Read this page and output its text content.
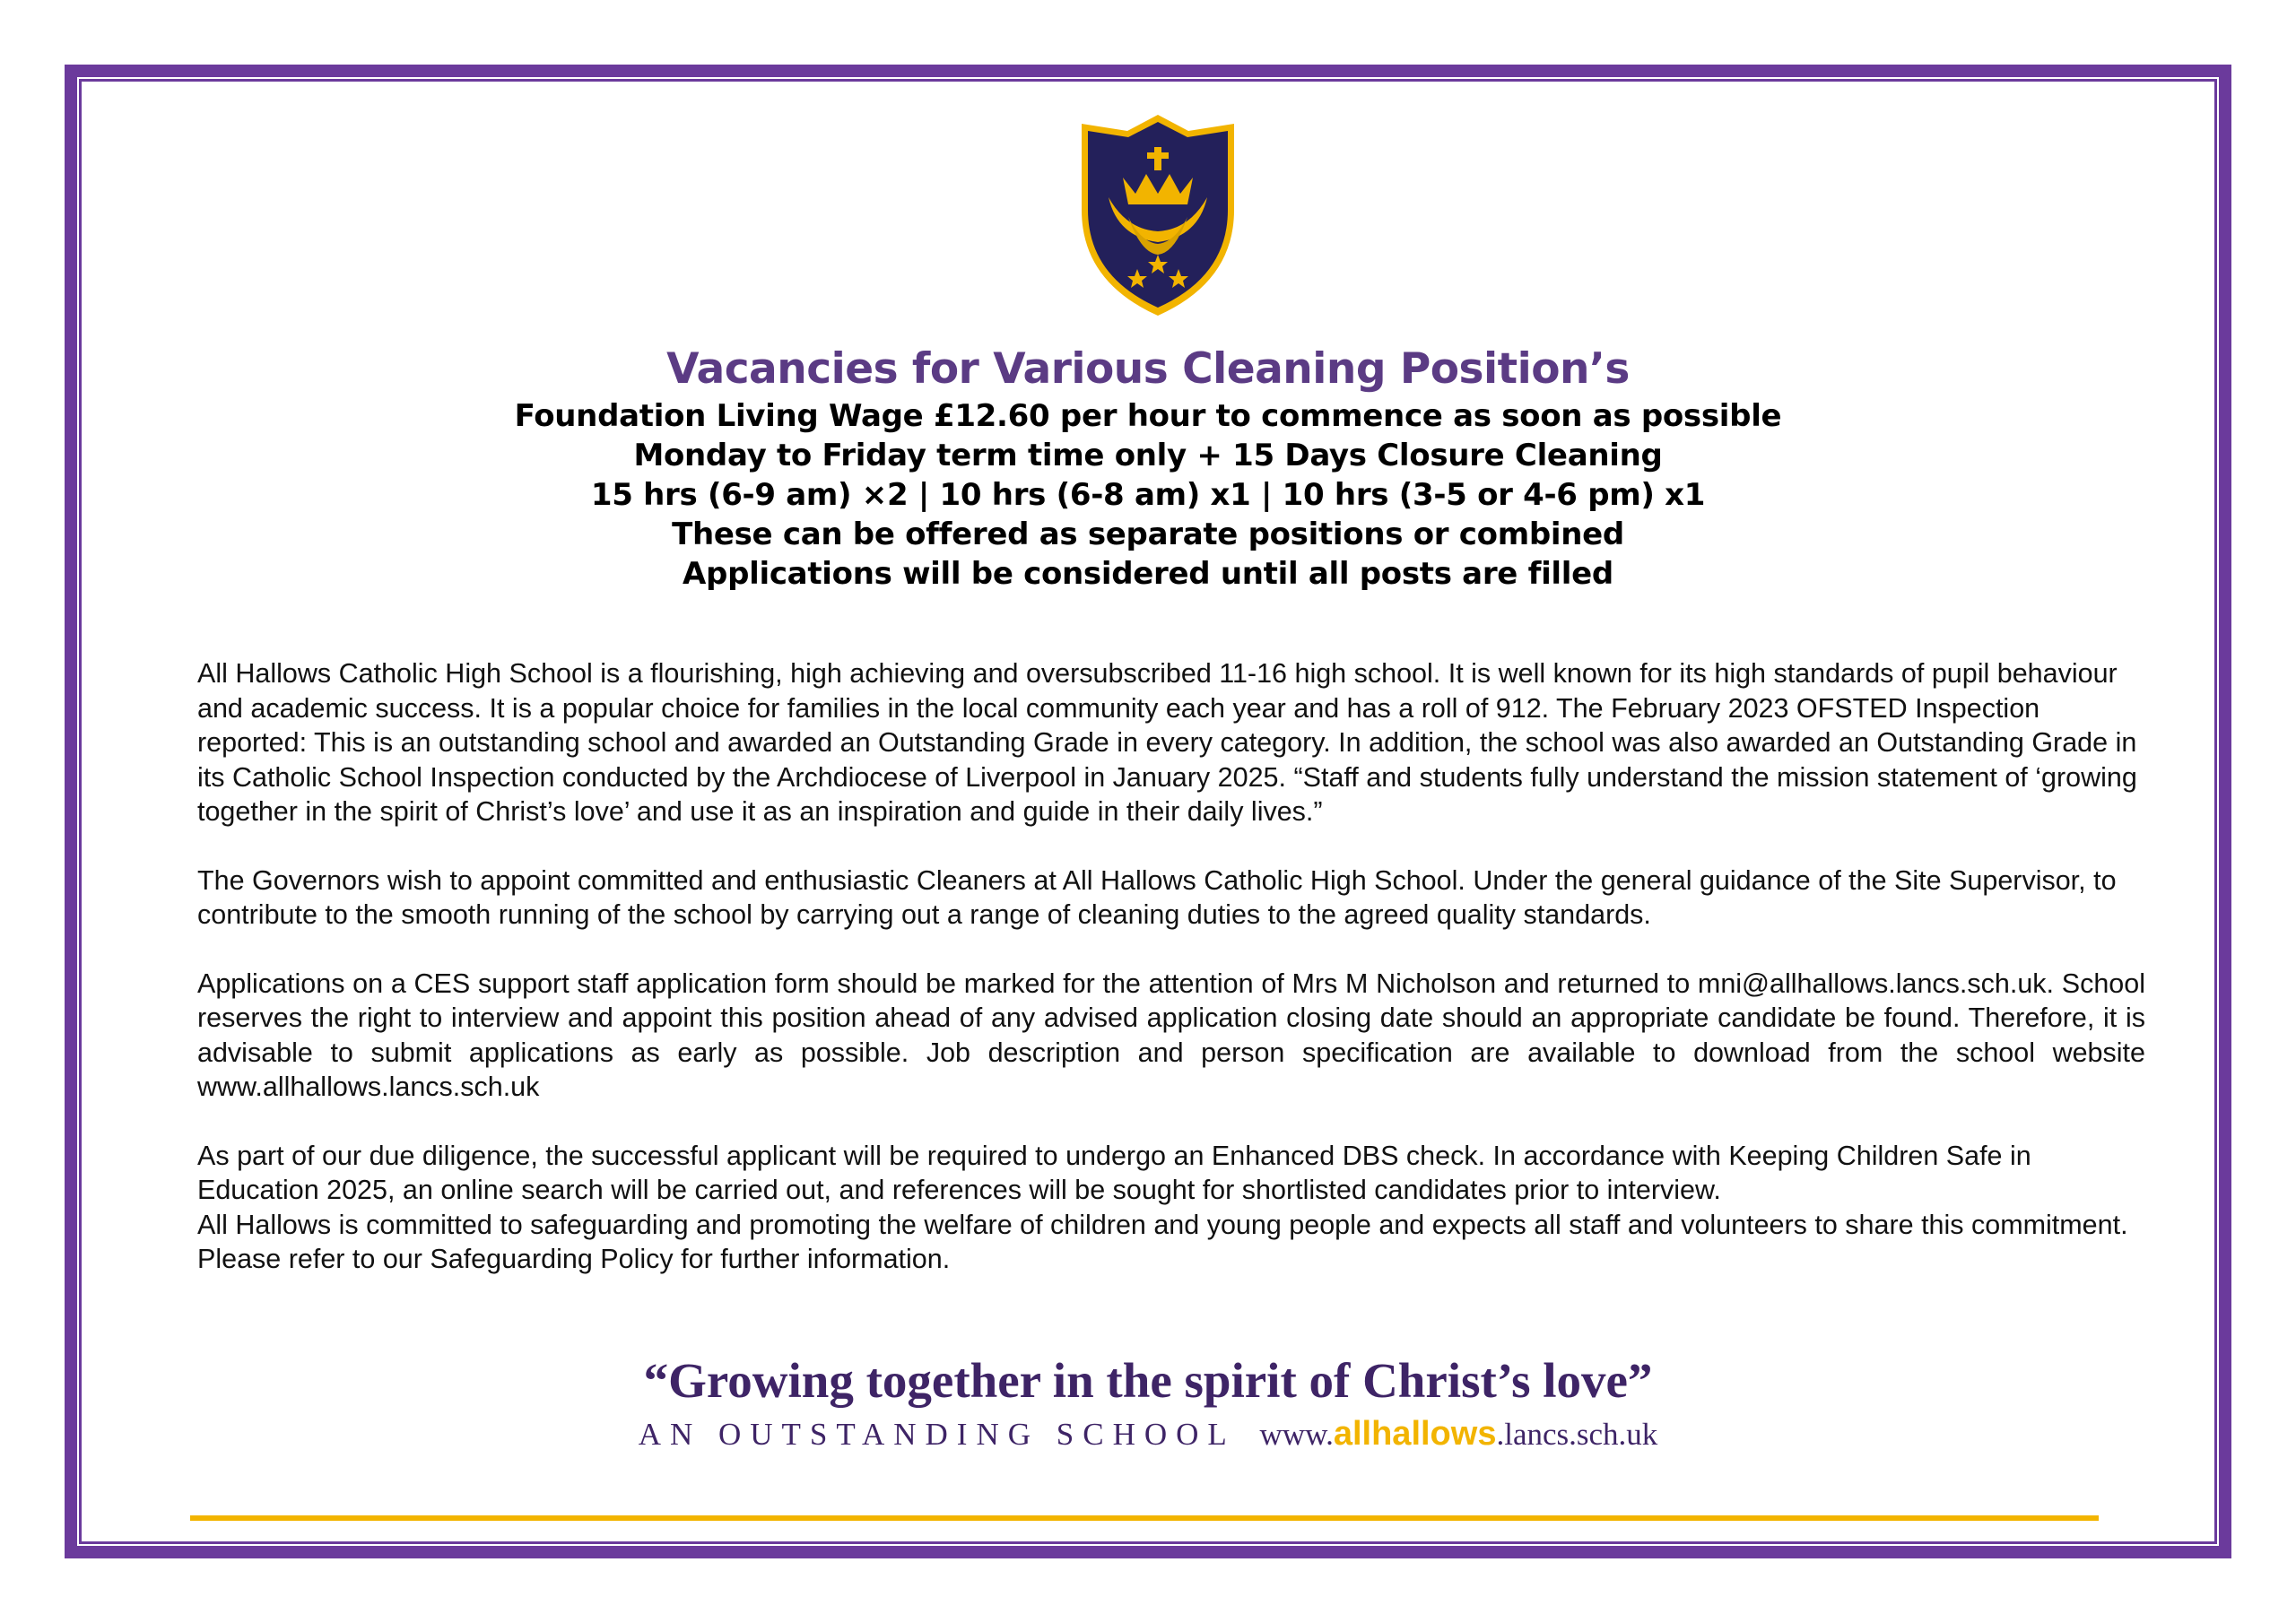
Vacancies for Various Cleaning Position’s

Foundation Living Wage £12.60 per hour to commence as soon as possible

Monday to Friday term time only + 15 Days Closure Cleaning

15 hrs (6-9 am) ×2 | 10 hrs (6-8 am) x1 | 10 hrs (3-5 or 4-6 pm) x1

These can be offered as separate positions or combined

Applications will be considered until all posts are filled

All Hallows Catholic High School is a flourishing, high achieving and oversubscribed 11-16 high school. It is well known for its high standards of pupil behaviour and academic success. It is a popular choice for families in the local community each year and has a roll of 912. The February 2023 OFSTED Inspection reported: This is an outstanding school and awarded an Outstanding Grade in every category. In addition, the school was also awarded an Outstanding Grade in its Catholic School Inspection conducted by the Archdiocese of Liverpool in January 2025. “Staff and students fully understand the mission statement of ‘growing together in the spirit of Christ’s love’ and use it as an inspiration and guide in their daily lives.”

The Governors wish to appoint committed and enthusiastic Cleaners at All Hallows Catholic High School. Under the general guidance of the Site Supervisor, to contribute to the smooth running of the school by carrying out a range of cleaning duties to the agreed quality standards.

Applications on a CES support staff application form should be marked for the attention of Mrs M Nicholson and returned to mni@allhallows.lancs.sch.uk. School reserves the right to interview and appoint this position ahead of any advised application closing date should an appropriate candidate be found. Therefore, it is advisable to submit applications as early as possible. Job description and person specification are available to download from the school website www.allhallows.lancs.sch.uk

As part of our due diligence, the successful applicant will be required to undergo an Enhanced DBS check. In accordance with Keeping Children Safe in Education 2025, an online search will be carried out, and references will be sought for shortlisted candidates prior to interview.

All Hallows is committed to safeguarding and promoting the welfare of children and young people and expects all staff and volunteers to share this commitment. Please refer to our Safeguarding Policy for further information.

“Growing together in the spirit of Christ’s love”
AN OUTSTANDING SCHOOL www.allhallows.lancs.sch.uk
